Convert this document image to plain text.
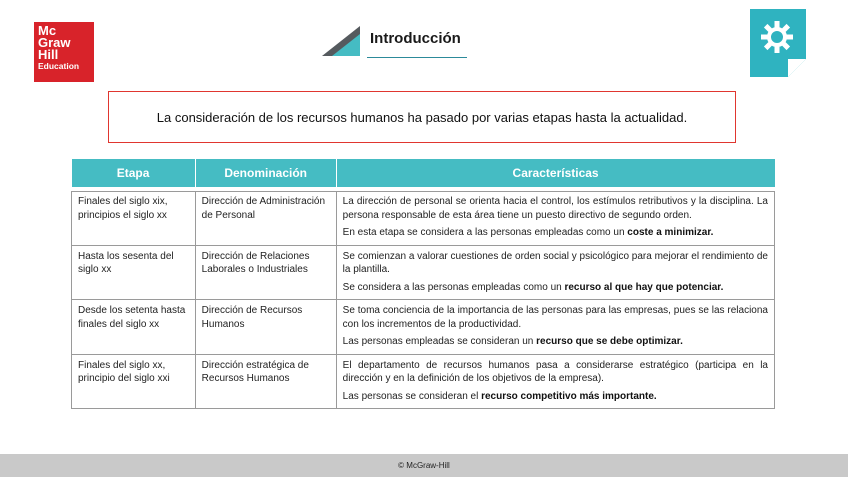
Mc
Graw
Hill
Education
Introducción
La consideración de los recursos humanos ha pasado por varias etapas hasta la actualidad.
Etapa	Denominación	Características
Finales del siglo xix, principios el siglo xx	Dirección de Administración de Personal	La dirección de personal se orienta hacia el control, los estímulos retributivos y la disciplina. La persona responsable de esta área tiene un puesto directivo de segundo orden.

En esta etapa se considera a las personas empleadas como un coste a minimizar.

Hasta los sesenta del siglo xx	Dirección de Relaciones Laborales o Industriales	Se comienzan a valorar cuestiones de orden social y psicológico para mejorar el rendimiento de la plantilla.

Se considera a las personas empleadas como un recurso al que hay que potenciar.

Desde los setenta hasta finales del siglo xx	Dirección de Recursos Humanos	Se toma conciencia de la importancia de las personas para las empresas, pues se las relaciona con los incrementos de la productividad.

Las personas empleadas se consideran un recurso que se debe optimizar.

Finales del siglo xx, principio del siglo xxi	Dirección estratégica de Recursos Humanos	El departamento de recursos humanos pasa a considerarse estratégico (participa en la dirección y en la definición de los objetivos de la empresa).

Las personas se consideran el recurso competitivo más importante.

© McGraw-Hill
